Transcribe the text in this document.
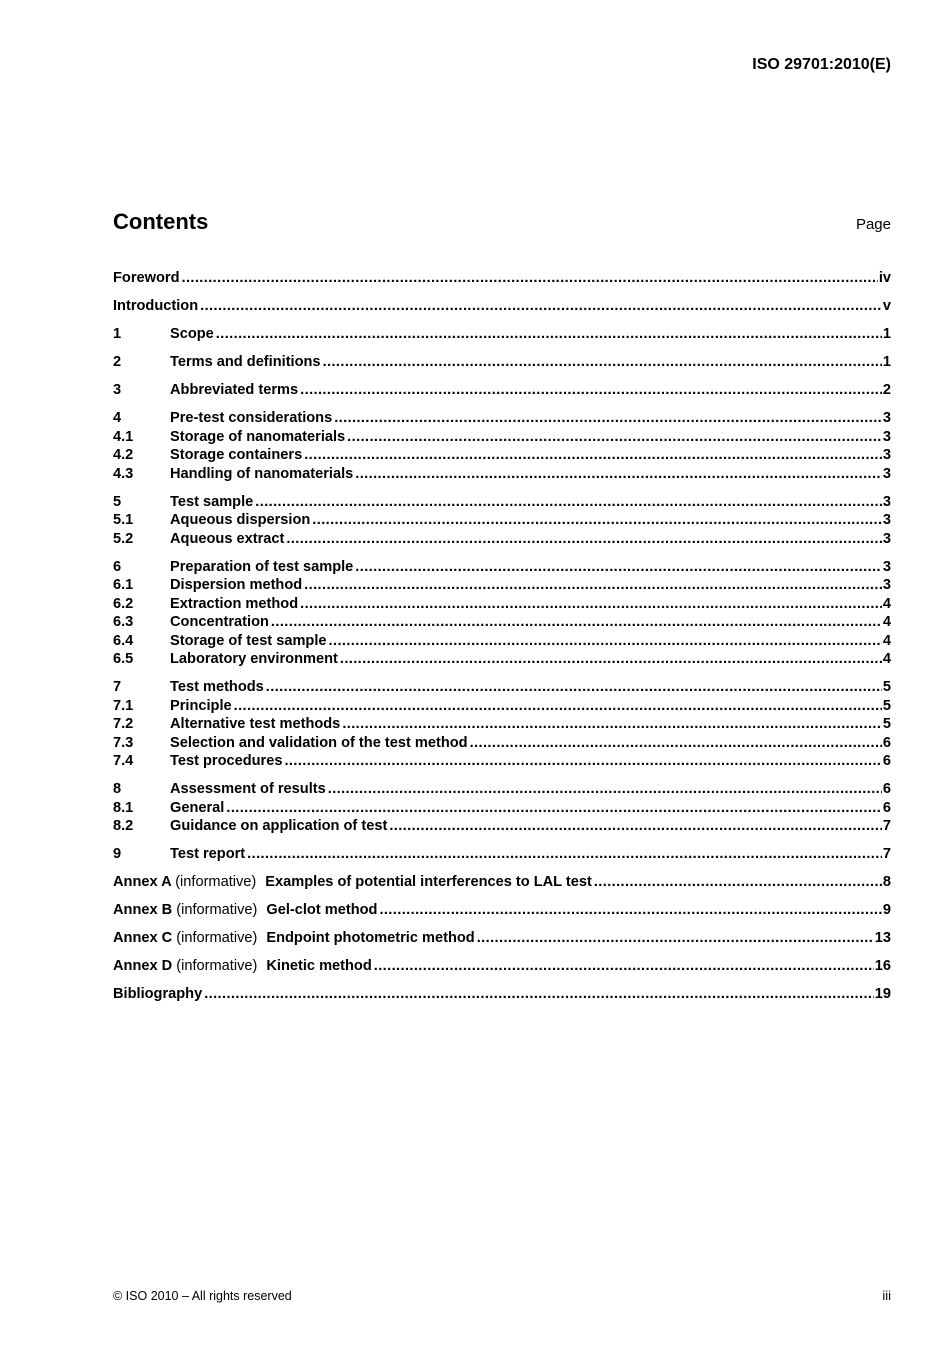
ISO 29701:2010(E)
Contents	Page
Foreword .....	iv
Introduction .....	v
1	Scope .....	1
2	Terms and definitions .....	1
3	Abbreviated terms .....	2
4	Pre-test considerations .....	3
4.1	Storage of nanomaterials .....	3
4.2	Storage containers .....	3
4.3	Handling of nanomaterials .....	3
5	Test sample .....	3
5.1	Aqueous dispersion .....	3
5.2	Aqueous extract .....	3
6	Preparation of test sample .....	3
6.1	Dispersion method .....	3
6.2	Extraction method .....	4
6.3	Concentration .....	4
6.4	Storage of test sample .....	4
6.5	Laboratory environment .....	4
7	Test methods .....	5
7.1	Principle .....	5
7.2	Alternative test methods .....	5
7.3	Selection and validation of the test method .....	6
7.4	Test procedures .....	6
8	Assessment of results .....	6
8.1	General .....	6
8.2	Guidance on application of test .....	7
9	Test report .....	7
Annex A (informative) Examples of potential interferences to LAL test .....	8
Annex B (informative) Gel-clot method .....	9
Annex C (informative) Endpoint photometric method .....	13
Annex D (informative) Kinetic method .....	16
Bibliography .....	19
© ISO 2010 – All rights reserved	iii
